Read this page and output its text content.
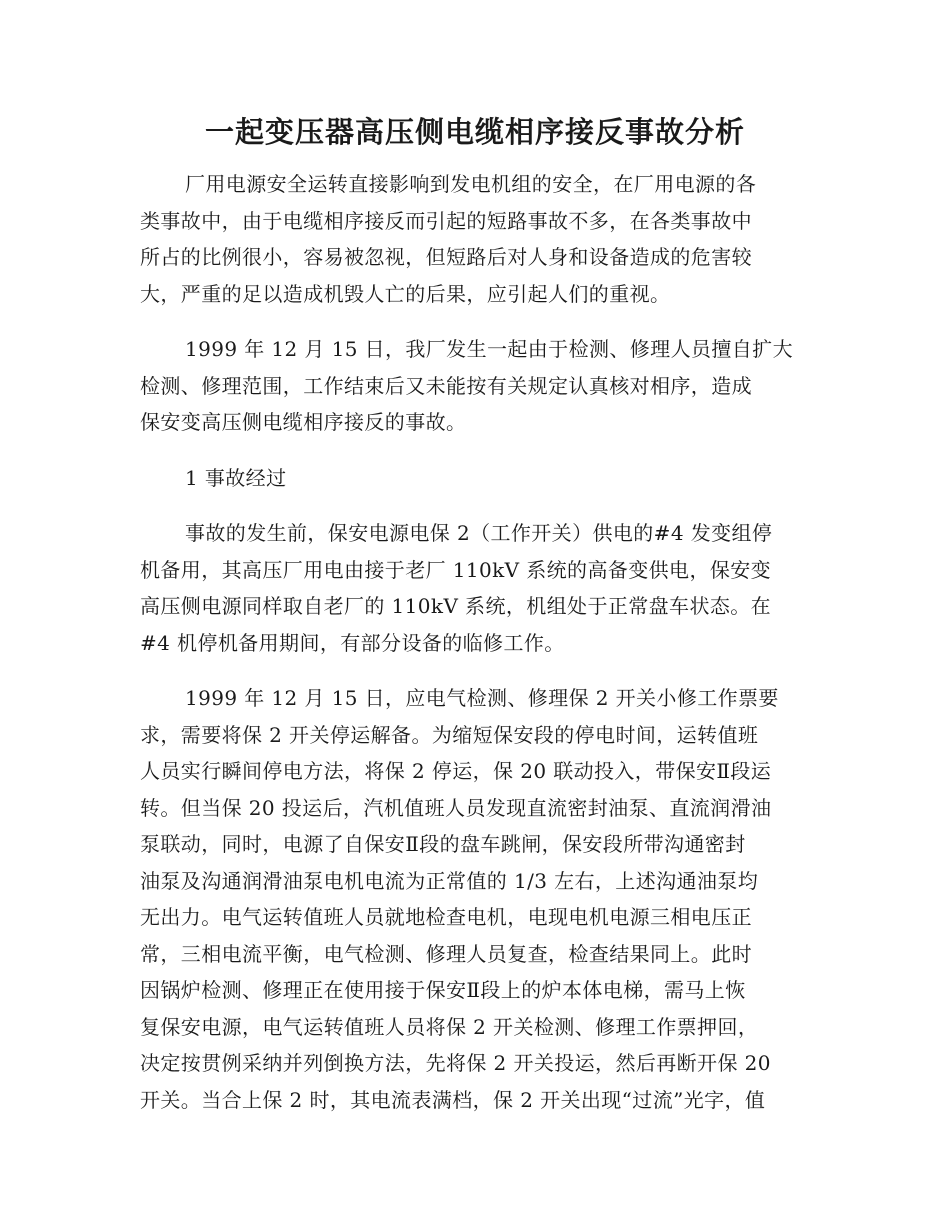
一起变压器高压侧电缆相序接反事故分析
厂用电源安全运转直接影响到发电机组的安全，在厂用电源的各
类事故中，由于电缆相序接反而引起的短路事故不多，在各类事故中
所占的比例很小，容易被忽视，但短路后对人身和设备造成的危害较
大，严重的足以造成机毁人亡的后果，应引起人们的重视。
1999 年 12 月 15 日，我厂发生一起由于检测、修理人员擅自扩大
检测、修理范围，工作结束后又未能按有关规定认真核对相序，造成
保安变高压侧电缆相序接反的事故。
1 事故经过
事故的发生前，保安电源电保 2（工作开关）供电的#4 发变组停
机备用，其高压厂用电由接于老厂 110kV 系统的高备变供电，保安变
高压侧电源同样取自老厂的 110kV 系统，机组处于正常盘车状态。在
#4 机停机备用期间，有部分设备的临修工作。
1999 年 12 月 15 日，应电气检测、修理保 2 开关小修工作票要
求，需要将保 2 开关停运解备。为缩短保安段的停电时间，运转值班
人员实行瞬间停电方法，将保 2 停运，保 20 联动投入，带保安Ⅱ段运
转。但当保 20 投运后，汽机值班人员发现直流密封油泵、直流润滑油
泵联动，同时，电源了自保安Ⅱ段的盘车跳闸，保安段所带沟通密封
油泵及沟通润滑油泵电机电流为正常值的 1/3 左右，上述沟通油泵均
无出力。电气运转值班人员就地检查电机，电现电机电源三相电压正
常，三相电流平衡，电气检测、修理人员复查，检查结果同上。此时
因锅炉检测、修理正在使用接于保安Ⅱ段上的炉本体电梯，需马上恢
复保安电源，电气运转值班人员将保 2 开关检测、修理工作票押回，
决定按贯例采纳并列倒换方法，先将保 2 开关投运，然后再断开保 20
开关。当合上保 2 时，其电流表满档，保 2 开关出现“过流”光字，值
